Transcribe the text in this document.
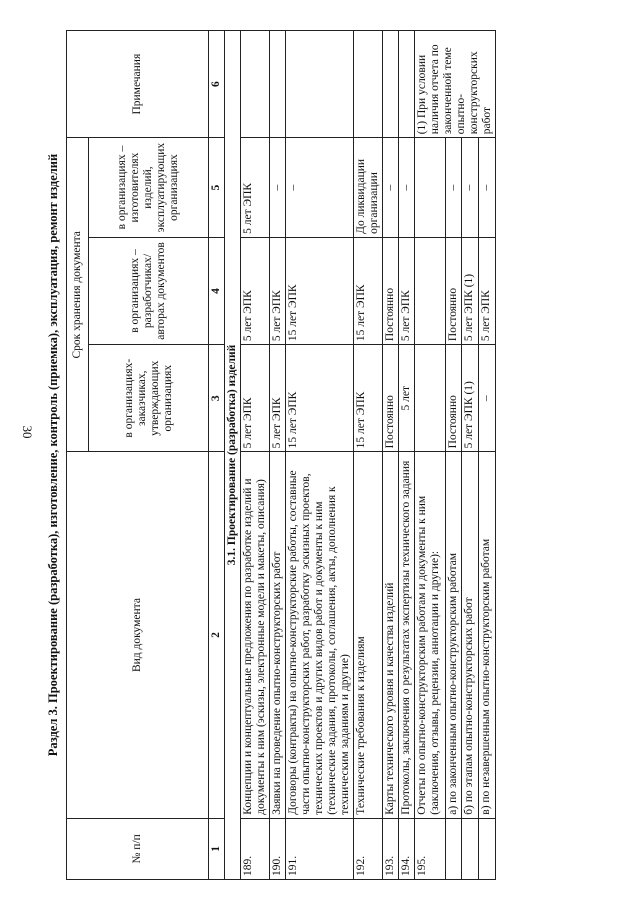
30 Раздел 3. Проектирование (разработка), изготовление, контроль (приемка), эксплуатация, ремонт изделий
№ п/п	Вид документа	Срок хранения документа			Примечания
		в организациях-заказчиках, утверждающих организациях	в организациях – разработчиках/авторах документов	в организациях – изготовителях изделий, эксплуатирующих организациях	
1	2	3	4	5	6
3.1. Проектирование (разработка) изделий					
189.	Концепции и концептуальные предложения по разработке изделий и документы к ним (эскизы, электронные модели и макеты, описания)	5 лет ЭПК	5 лет ЭПК	5 лет ЭПК	
190.	Заявки на проведение опытно-конструкторских работ	5 лет ЭПК	5 лет ЭПК	–	
191.	Договоры (контракты) на опытно-конструкторские работы, составные части опытно-конструкторских работ, разработку эскизных проектов, технических проектов и других видов работ и документы к ним (технические задания, протоколы, соглашения, акты, дополнения к техническим заданиям и другие)	15 лет ЭПК	15 лет ЭПК	–	
192.	Технические требования к изделиям	15 лет ЭПК	15 лет ЭПК	До ликвидации организации	
193.	Карты технического уровня и качества изделий	Постоянно	Постоянно	–	
194.	Протоколы, заключения о результатах экспертизы технического задания	5 лет	5 лет ЭПК	–	
195.	Отчеты по опытно-конструкторским работам и документы к ним (заключения, отзывы, рецензии, аннотации и другие):				(1) При условии наличия отчета по законченной теме опытно-конструкторских работ
	а) по законченным опытно-конструкторским работам	Постоянно	Постоянно	–	
	б) по этапам опытно-конструкторских работ	5 лет ЭПК (1)	5 лет ЭПК (1)	–	
	в) по незавершенным опытно-конструкторским работам	–	5 лет ЭПК	–	
